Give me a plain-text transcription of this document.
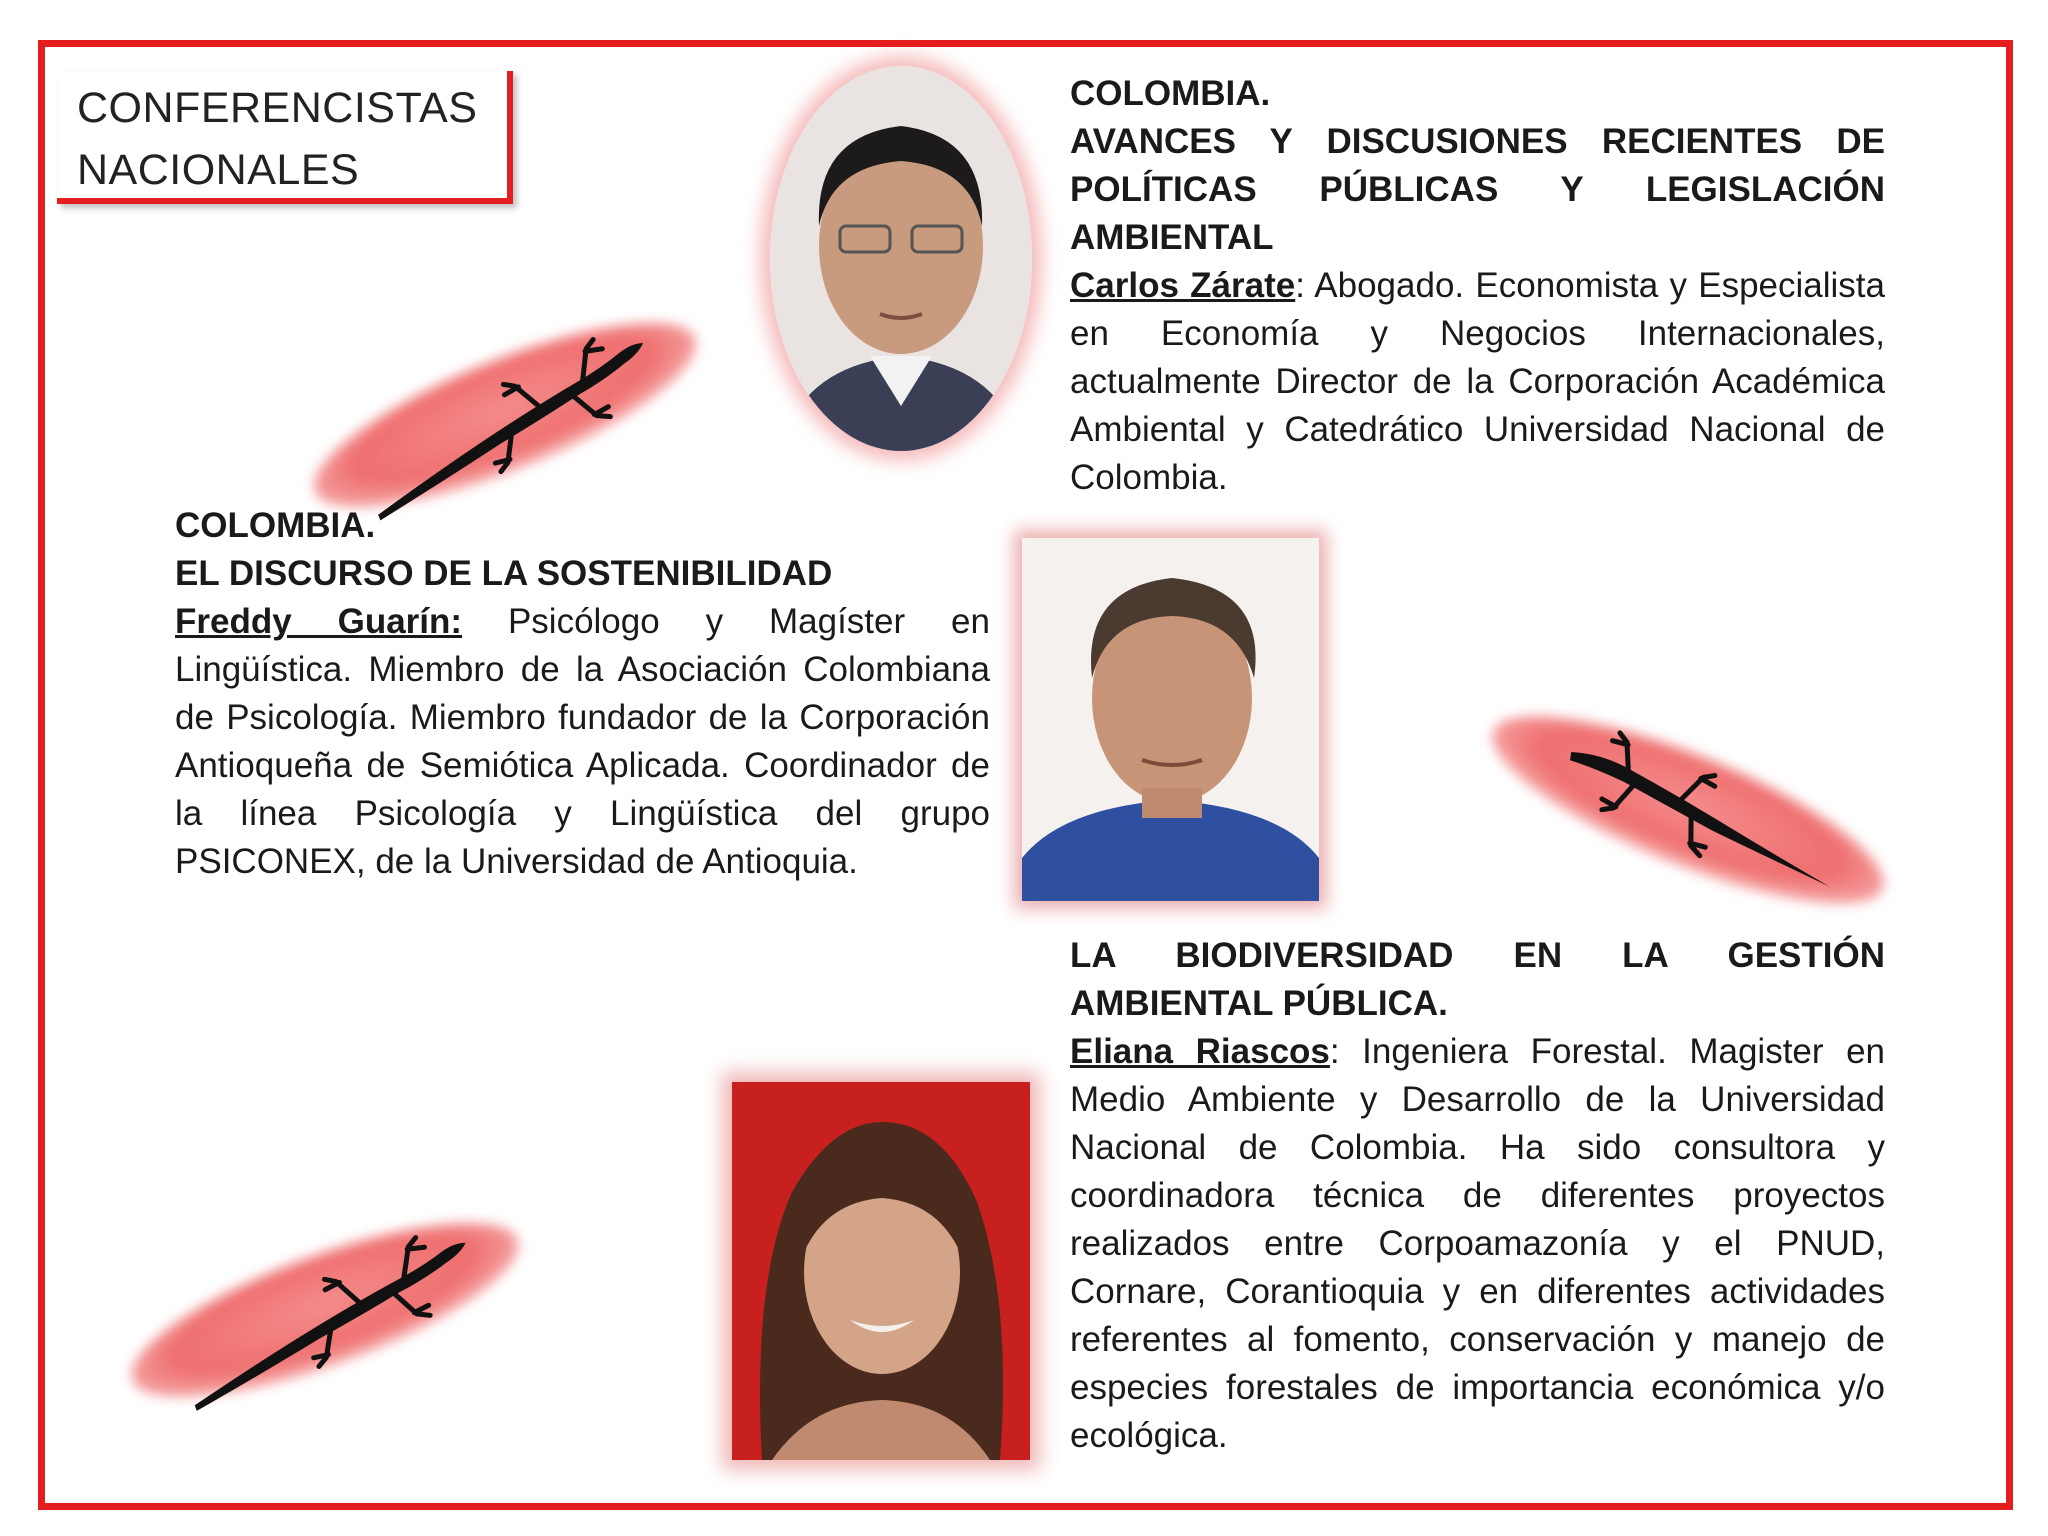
CONFERENCISTAS
NACIONALES
COLOMBIA.
AVANCES Y DISCUSIONES RECIENTES DE
POLÍTICAS PÚBLICAS Y LEGISLACIÓN AMBIENTAL
Carlos Zárate: Abogado. Economista y Especialista en Economía y Negocios Internacionales, actualmente Director de la Corporación Académica Ambiental y Catedrático Universidad Nacional de Colombia.
COLOMBIA.
EL DISCURSO DE LA SOSTENIBILIDAD
Freddy Guarín: Psicólogo y Magíster en Lingüística. Miembro de la Asociación Colombiana de Psicología. Miembro fundador de la Corporación Antioqueña de Semiótica Aplicada. Coordinador de la línea Psicología y Lingüística del grupo PSICONEX, de la Universidad de Antioquia.
LA BIODIVERSIDAD EN LA GESTIÓN AMBIENTAL PÚBLICA.
Eliana Riascos: Ingeniera Forestal. Magister en Medio Ambiente y Desarrollo de la Universidad Nacional de Colombia. Ha sido consultora y coordinadora técnica de diferentes proyectos realizados entre Corpoamazonía y el PNUD, Cornare, Corantioquia y en diferentes actividades referentes al fomento, conservación y manejo de especies forestales de importancia económica y/o ecológica.
